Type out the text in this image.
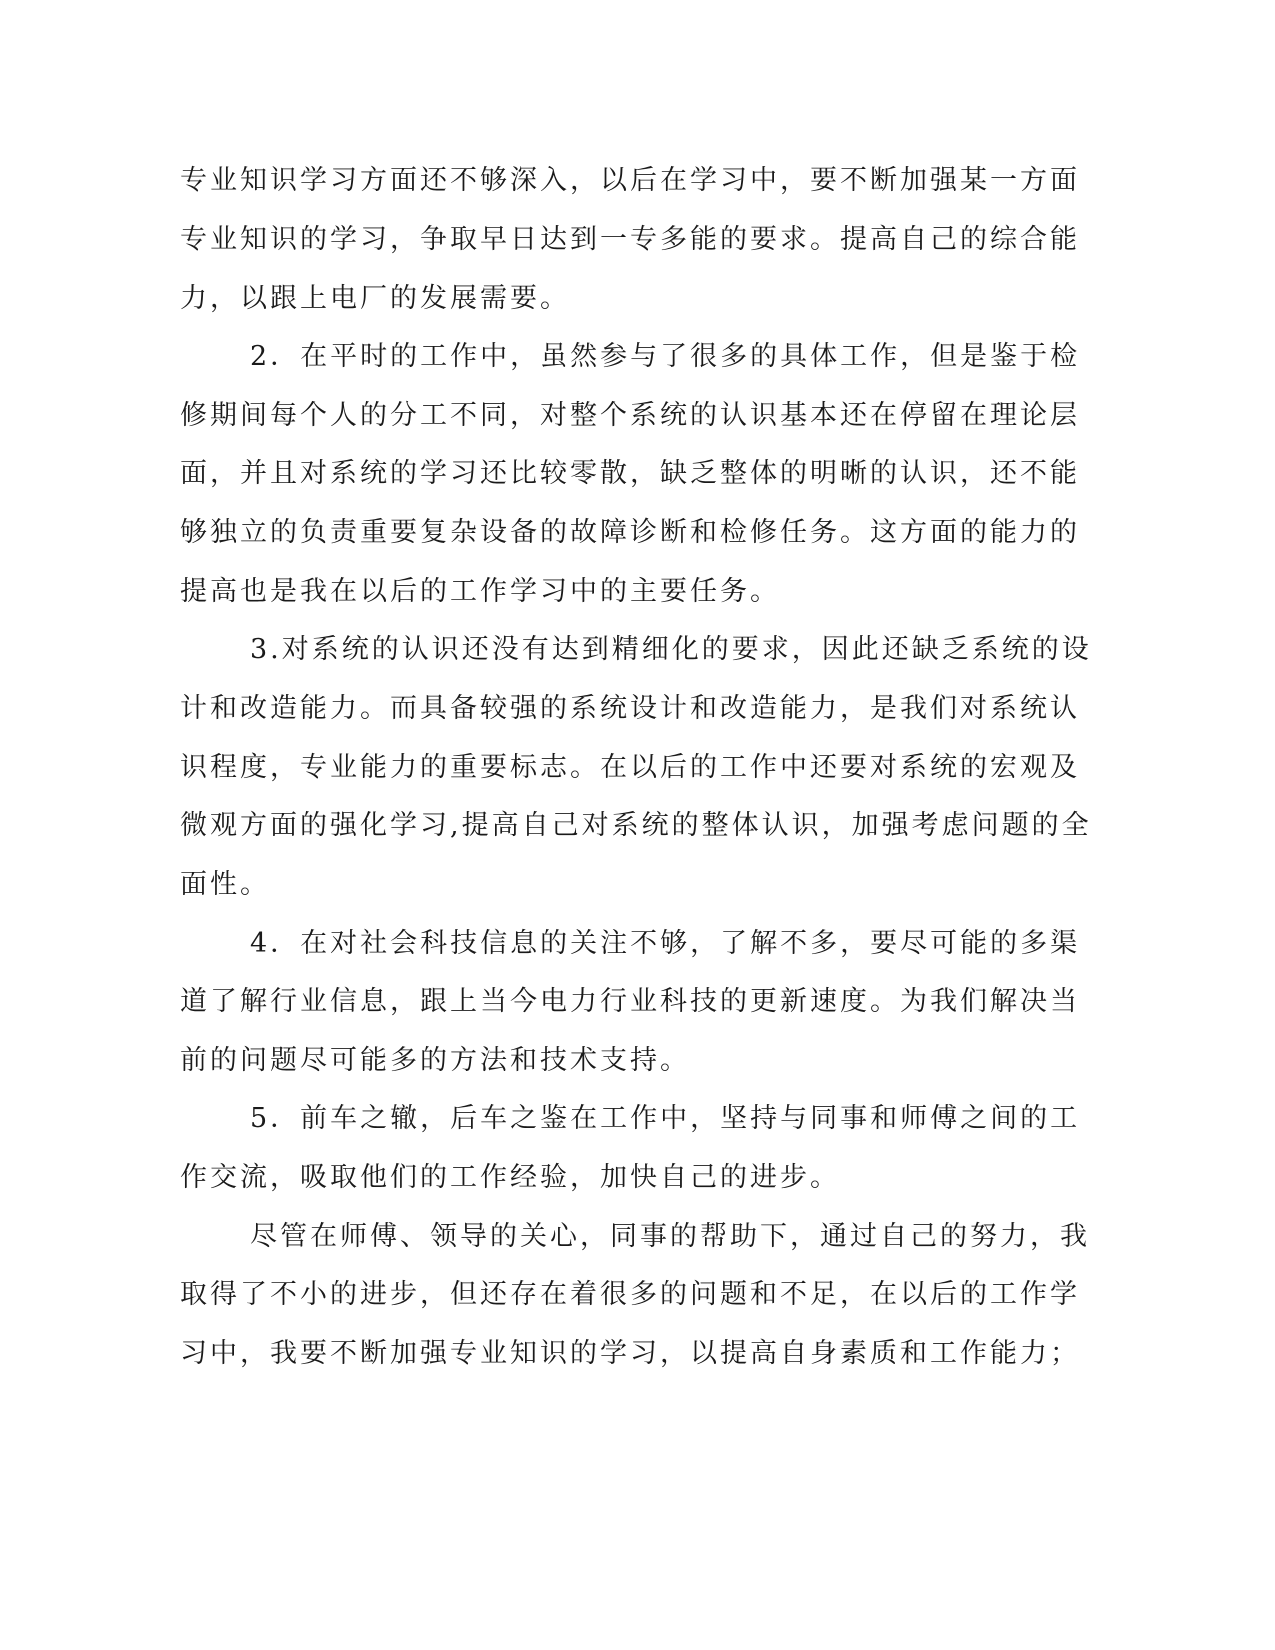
专业知识学习方面还不够深入，以后在学习中，要不断加强某一方面
专业知识的学习，争取早日达到一专多能的要求。提高自己的综合能
力，以跟上电厂的发展需要。
2．在平时的工作中，虽然参与了很多的具体工作，但是鉴于检
修期间每个人的分工不同，对整个系统的认识基本还在停留在理论层
面，并且对系统的学习还比较零散，缺乏整体的明晰的认识，还不能
够独立的负责重要复杂设备的故障诊断和检修任务。这方面的能力的
提高也是我在以后的工作学习中的主要任务。
3.对系统的认识还没有达到精细化的要求，因此还缺乏系统的设
计和改造能力。而具备较强的系统设计和改造能力，是我们对系统认
识程度，专业能力的重要标志。在以后的工作中还要对系统的宏观及
微观方面的强化学习,提高自己对系统的整体认识，加强考虑问题的全
面性。
4．在对社会科技信息的关注不够，了解不多，要尽可能的多渠
道了解行业信息，跟上当今电力行业科技的更新速度。为我们解决当
前的问题尽可能多的方法和技术支持。
5．前车之辙，后车之鉴在工作中，坚持与同事和师傅之间的工
作交流，吸取他们的工作经验，加快自己的进步。
尽管在师傅、领导的关心，同事的帮助下，通过自己的努力，我
取得了不小的进步，但还存在着很多的问题和不足，在以后的工作学
习中，我要不断加强专业知识的学习，以提高自身素质和工作能力；
